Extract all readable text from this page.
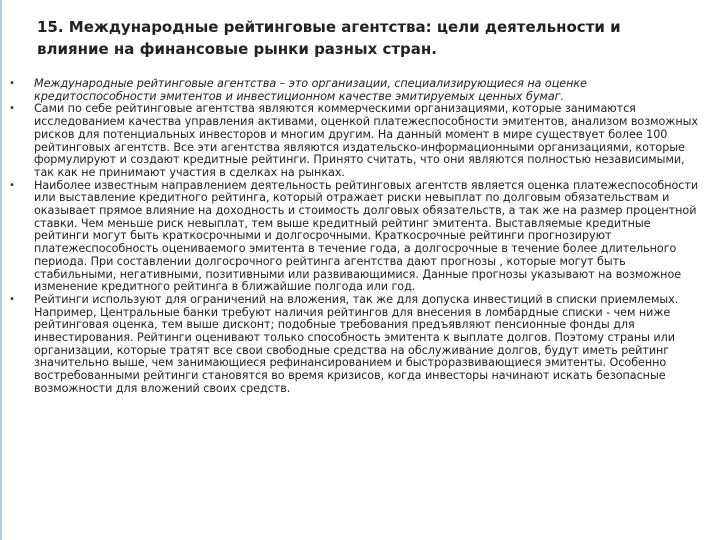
15. Международные рейтинговые агентства: цели деятельности и влияние на финансовые рынки разных стран.
• Международные рейтинговые агентства – это организации, специализирующиеся на оценке кредитоспособности эмитентов и инвестиционном качестве эмитируемых ценных бумаг.
• Сами по себе рейтинговые агентства являются коммерческими организациями, которые занимаются исследованием качества управления активами, оценкой платежеспособности эмитентов, анализом возможных рисков для потенциальных инвесторов и многим другим. На данный момент в мире существует более 100 рейтинговых агентств. Все эти агентства являются издательско-информационными организациями, которые формулируют и создают кредитные рейтинги. Принято считать, что они являются полностью независимыми, так как не принимают участия в сделках на рынках.
• Наиболее известным направлением деятельность рейтинговых агентств является оценка платежеспособности или выставление кредитного рейтинга, который отражает риски невыплат по долговым обязательствам и оказывает прямое влияние на доходность и стоимость долговых обязательств, а так же на размер процентной ставки. Чем меньше риск невыплат, тем выше кредитный рейтинг эмитента. Выставляемые кредитные рейтинги могут быть краткосрочными и долгосрочными. Краткосрочные рейтинги прогнозируют платежеспособность оцениваемого эмитента в течение года, а долгосрочные в течение более длительного периода. При составлении долгосрочного рейтинга агентства дают прогнозы , которые могут быть стабильными, негативными, позитивными или развивающимися. Данные прогнозы указывают на возможное изменение кредитного рейтинга в ближайшие полгода или год.
• Рейтинги используют для ограничений на вложения, так же для допуска инвестиций в списки приемлемых. Например, Центральные банки требуют наличия рейтингов для внесения в ломбардные списки - чем ниже рейтинговая оценка, тем выше дисконт; подобные требования предъявляют пенсионные фонды для инвестирования. Рейтинги оценивают только способность эмитента к выплате долгов. Поэтому страны или организации, которые тратят все свои свободные средства на обслуживание долгов, будут иметь рейтинг значительно выше, чем занимающиеся рефинансированием и быстроразвивающиеся эмитенты. Особенно востребованными рейтинги становятся во время кризисов, когда инвесторы начинают искать безопасные возможности для вложений своих средств.
